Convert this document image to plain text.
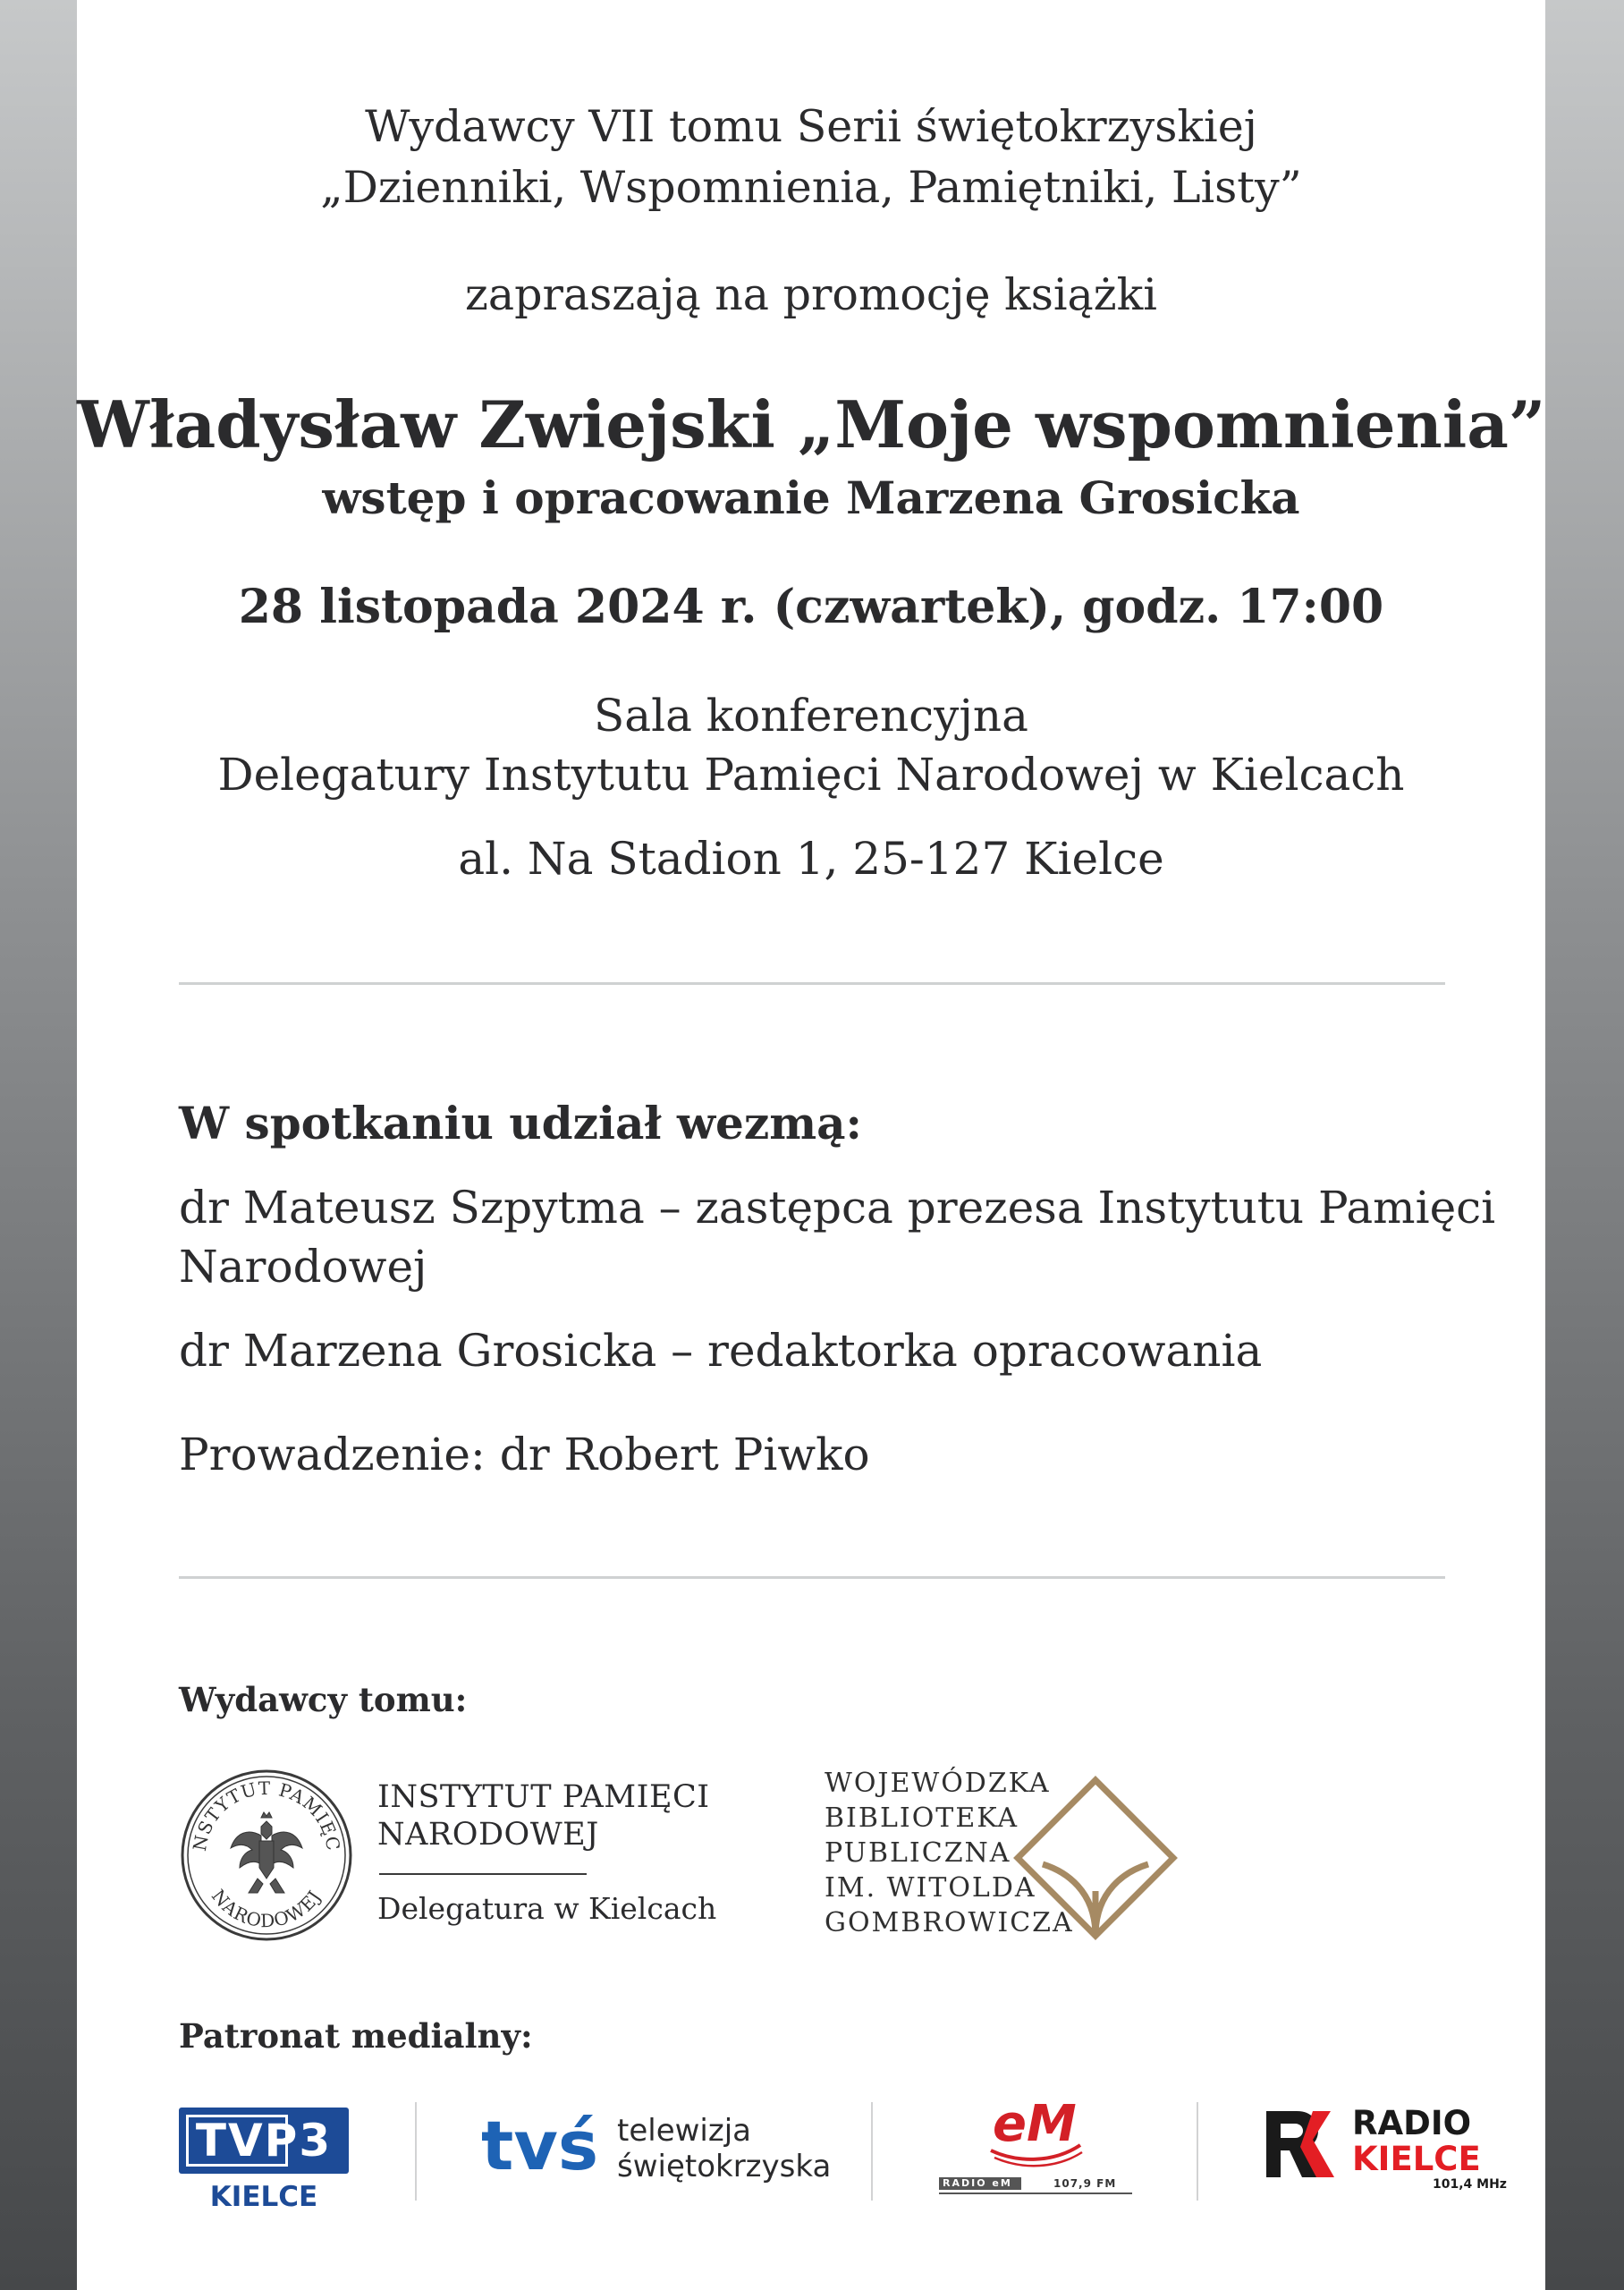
Wydawcy VII tomu Serii świętokrzyskiej
„Dzienniki, Wspomnienia, Pamiętniki, Listy”
zapraszają na promocję książki
Władysław Zwiejski „Moje wspomnienia”
wstęp i opracowanie Marzena Grosicka
28 listopada 2024 r. (czwartek), godz. 17:00
Sala konferencyjna
Delegatury Instytutu Pamięci Narodowej w Kielcach
al. Na Stadion 1, 25-127 Kielce
W spotkaniu udział wezmą:
dr Mateusz Szpytma – zastępca prezesa Instytutu Pamięci
Narodowej
dr Marzena Grosicka – redaktorka opracowania
Prowadzenie: dr Robert Piwko
Wydawcy tomu:
NSTYTUT PAMIĘC
NARODOWEJ
INSTYTUT PAMIĘCI
NARODOWEJ
Delegatura w Kielcach
WOJEWÓDZKA
BIBLIOTEKA
PUBLICZNA
IM. WITOLDA
GOMBROWICZA
Patronat medialny:
TVP3
KIELCE
tvś telewizja
świętokrzyska
eM
RADIO eM	107,9 FM
RADIO
KIELCE
101,4 MHz
